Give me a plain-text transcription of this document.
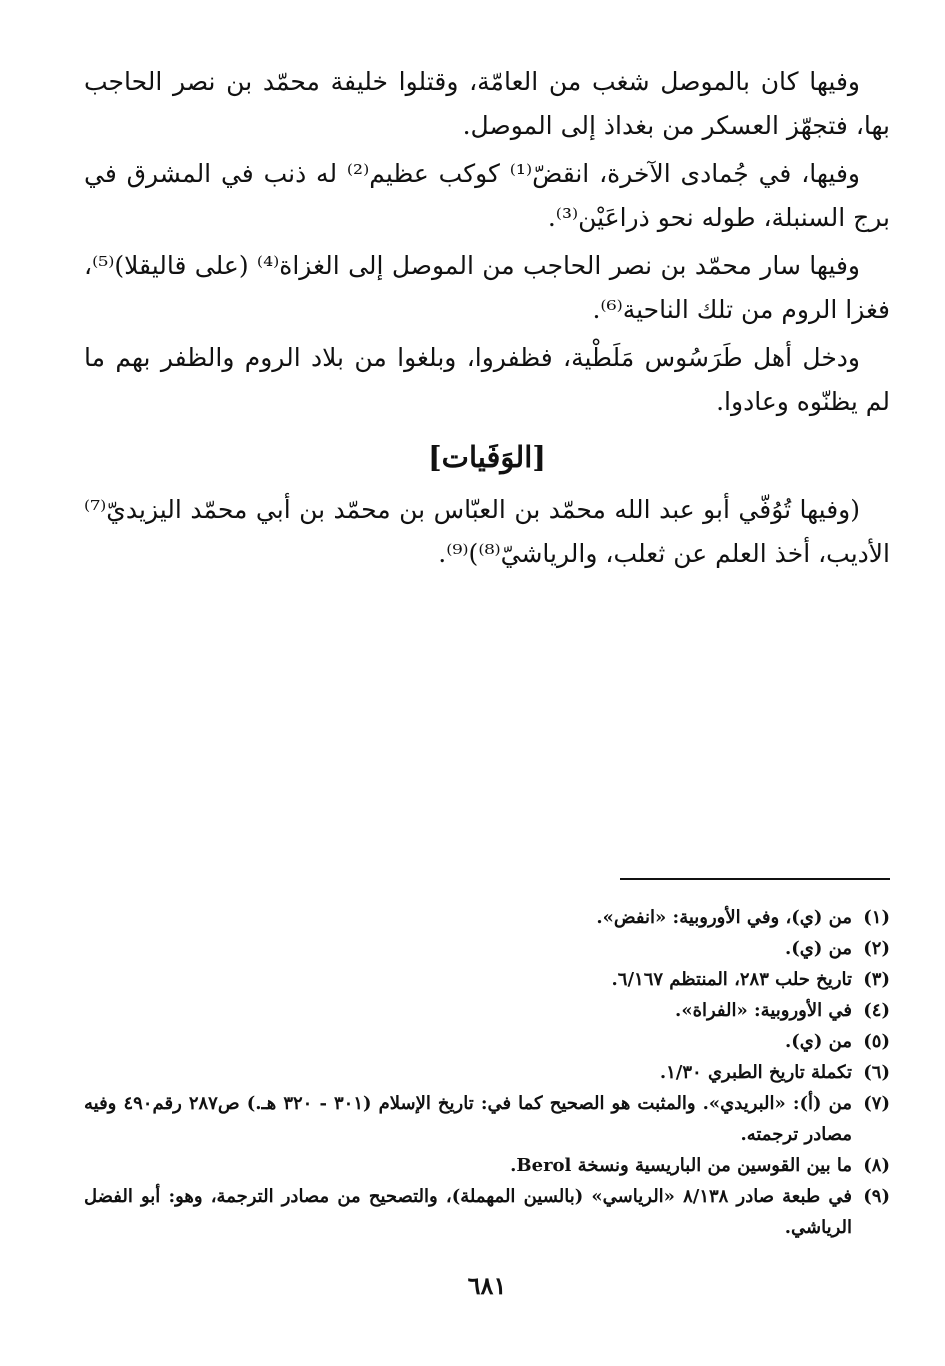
وفيها كان بالموصل شغب من العامّة، وقتلوا خليفة محمّد بن نصر الحاجب بها، فتجهّز العسكر من بغداذ إلى الموصل.

وفيها، في جُمادى الآخرة، انقضّ⁽¹⁾ كوكب عظيم⁽²⁾ له ذنب في المشرق في برج السنبلة، طوله نحو ذراعَيْن⁽³⁾.

وفيها سار محمّد بن نصر الحاجب من الموصل إلى الغزاة⁽⁴⁾ (على قاليقلا)⁽⁵⁾، فغزا الروم من تلك الناحية⁽⁶⁾.

ودخل أهل طَرَسُوس مَلَطْية، فظفروا، وبلغوا من بلاد الروم والظفر بهم ما لم يظنّوه وعادوا.

[الوَفَيات]

(وفيها تُوُفّي أبو عبد الله محمّد بن العبّاس بن محمّد بن أبي محمّد اليزيديّ⁽⁷⁾ الأديب، أخذ العلم عن ثعلب، والرياشيّ⁽⁸⁾)⁽⁹⁾.

(١)
من (ي)، وفي الأوروبية: «انفض».
(٢)
من (ي).
(٣)
تاريخ حلب ٢٨٣، المنتظم ٦/١٦٧.
(٤)
في الأوروبية: «الفراة».
(٥)
من (ي).
(٦)
تكملة تاريخ الطبري ١/٣٠.
(٧)
من (أ): «البريدي». والمثبت هو الصحيح كما في: تاريخ الإسلام (٣٠١ - ٣٢٠ هـ.) ص٢٨٧ رقم٤٩٠ وفيه مصادر ترجمته.
(٨)
ما بين القوسين من الباريسية ونسخة Berol.
(٩)
في طبعة صادر ٨/١٣٨ «الرياسي» (بالسين المهملة)، والتصحيح من مصادر الترجمة، وهو: أبو الفضل الرياشي.
٦٨١
